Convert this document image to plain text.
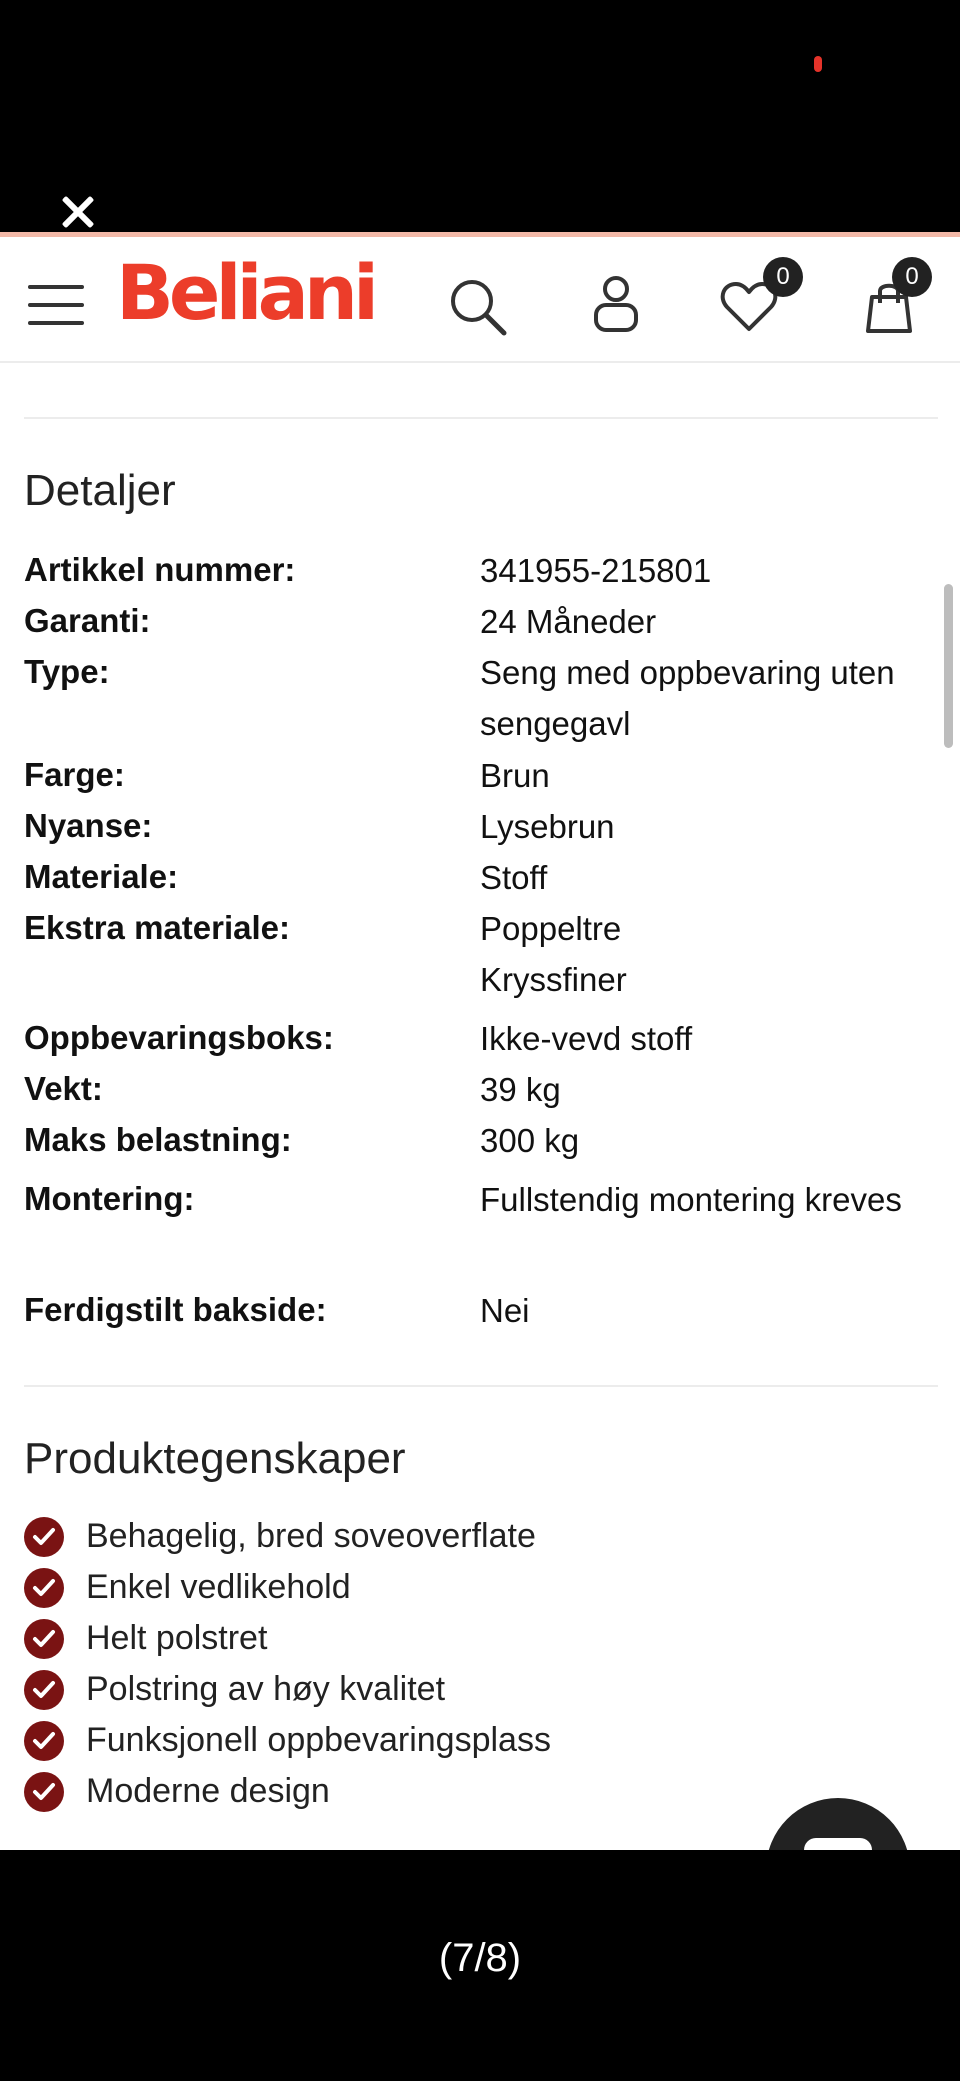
Beliani	0	0
Detaljer
Artikkel nummer:	341955-215801
Garanti:	24 Måneder
Type:	Seng med oppbevaring uten sengegavl
Farge:	Brun
Nyanse:	Lysebrun
Materiale:	Stoff
Ekstra materiale:	Poppeltre
Kryssfiner
Oppbevaringsboks:	Ikke-vevd stoff
Vekt:	39 kg
Maks belastning:	300 kg
Montering:	Fullstendig montering kreves
Ferdigstilt bakside:	Nei
Produktegenskaper
Behagelig, bred soveoverflate
Enkel vedlikehold
Helt polstret
Polstring av høy kvalitet
Funksjonell oppbevaringsplass
Moderne design
(7/8)
